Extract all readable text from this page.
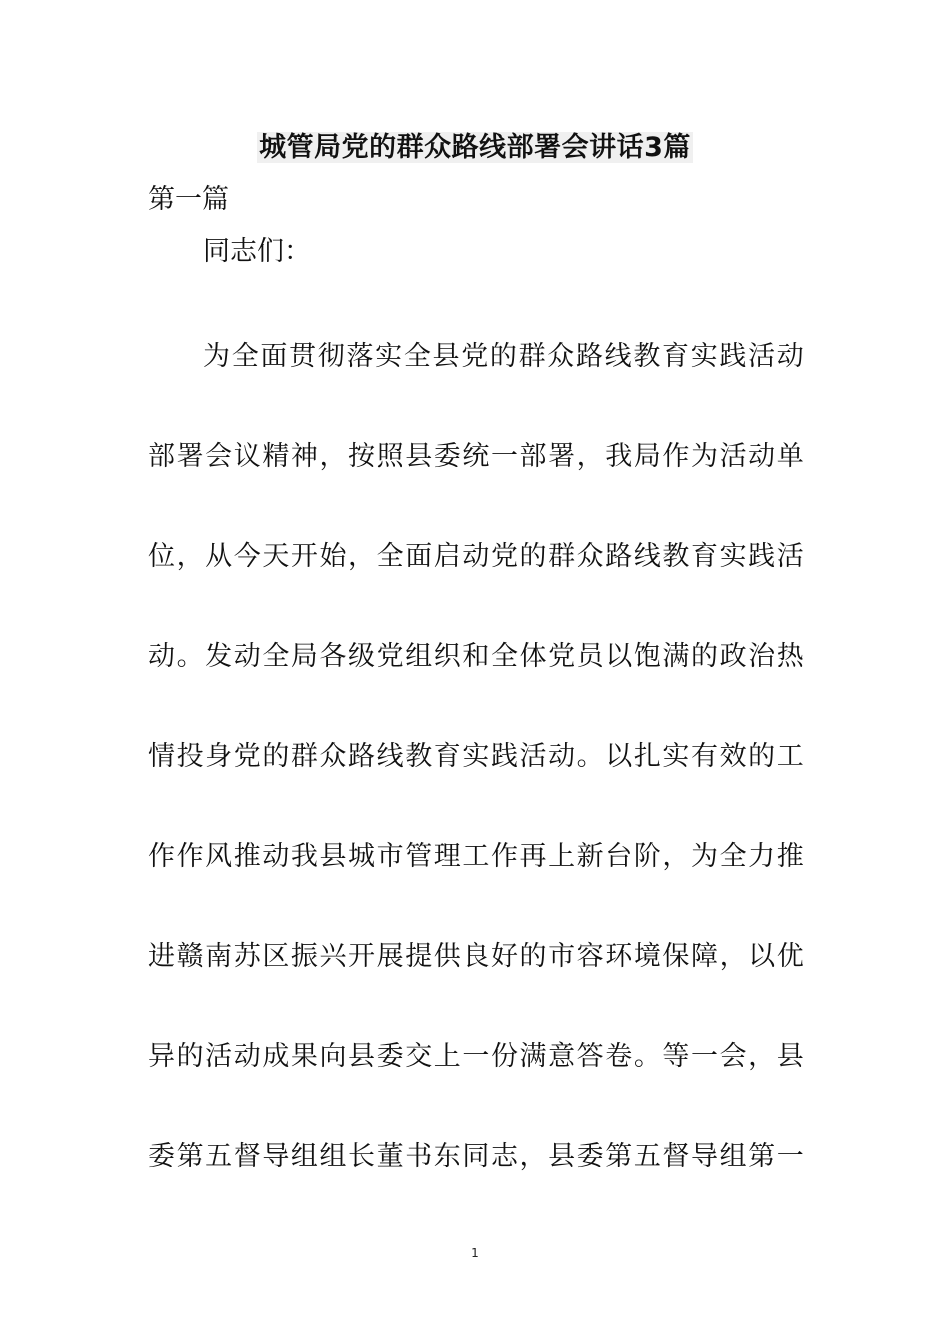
城管局党的群众路线部署会讲话3篇
第一篇
同志们：
为 全 面 贯 彻 落 实 全 县 党 的 群 众 路 线 教 育 实 践 活 动
部 署 会 议 精 神 ， 按 照 县 委 统 一 部 署 ， 我 局 作 为 活 动 单
位 ， 从 今 天 开 始 ， 全 面 启 动 党 的 群 众 路 线 教 育 实 践 活
动 。 发 动 全 局 各 级 党 组 织 和 全 体 党 员 以 饱 满 的 政 治 热
情 投 身 党 的 群 众 路 线 教 育 实 践 活 动 。 以 扎 实 有 效 的 工
作 作 风 推 动 我 县 城 市 管 理 工 作 再 上 新 台 阶 ， 为 全 力 推
进 赣 南 苏 区 振 兴 开 展 提 供 良 好 的 市 容 环 境 保 障 ， 以 优
异 的 活 动 成 果 向 县 委 交 上 一 份 满 意 答 卷 。 等 一 会 ， 县
委 第 五 督 导 组 组 长 董 书 东 同 志 ， 县 委 第 五 督 导 组 第 一
1
